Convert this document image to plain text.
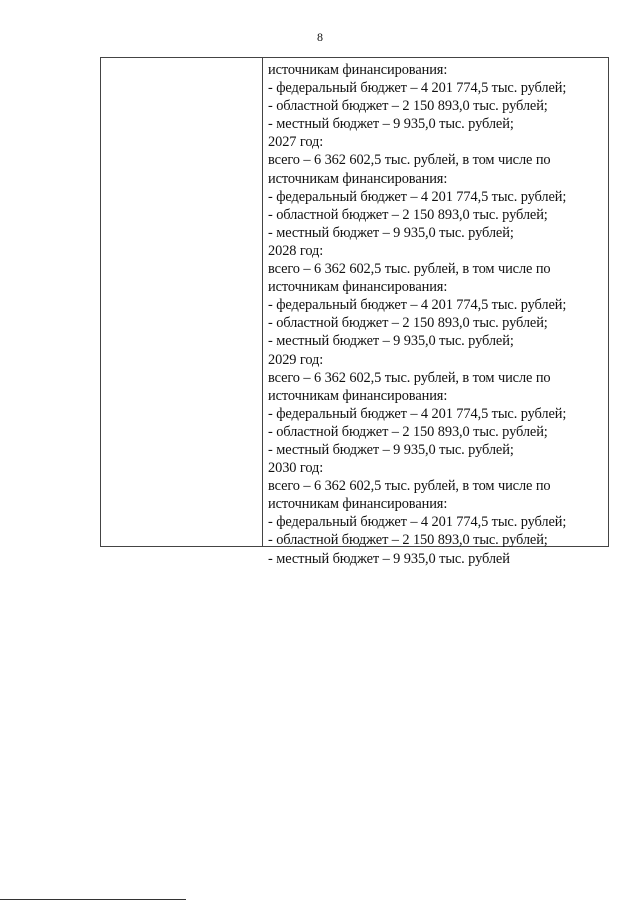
8
источникам финансирования:
- федеральный бюджет – 4 201 774,5 тыс. рублей;
- областной бюджет – 2 150 893,0 тыс. рублей;
- местный бюджет – 9 935,0 тыс. рублей;
2027 год:
всего – 6 362 602,5 тыс. рублей, в том числе по
источникам финансирования:
- федеральный бюджет – 4 201 774,5 тыс. рублей;
- областной бюджет – 2 150 893,0 тыс. рублей;
- местный бюджет – 9 935,0 тыс. рублей;
2028 год:
всего – 6 362 602,5 тыс. рублей, в том числе по
источникам финансирования:
- федеральный бюджет – 4 201 774,5 тыс. рублей;
- областной бюджет – 2 150 893,0 тыс. рублей;
- местный бюджет – 9 935,0 тыс. рублей;
2029 год:
всего – 6 362 602,5 тыс. рублей, в том числе по
источникам финансирования:
- федеральный бюджет – 4 201 774,5 тыс. рублей;
- областной бюджет – 2 150 893,0 тыс. рублей;
- местный бюджет – 9 935,0 тыс. рублей;
2030 год:
всего – 6 362 602,5 тыс. рублей, в том числе по
источникам финансирования:
- федеральный бюджет – 4 201 774,5 тыс. рублей;
- областной бюджет – 2 150 893,0 тыс. рублей;
- местный бюджет – 9 935,0 тыс. рублей
